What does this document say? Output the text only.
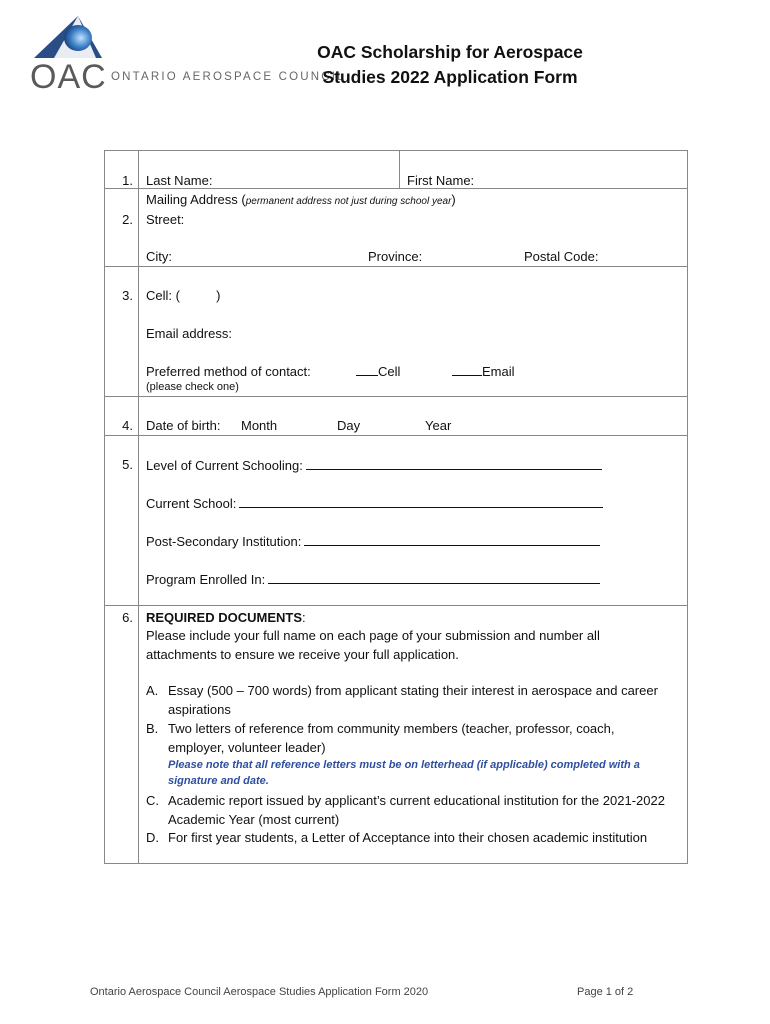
OAC ONTARIO AEROSPACE COUNCIL
OAC Scholarship for Aerospace
Studies 2022 Application Form
1. Last Name:	First Name:
Mailing Address (permanent address not just during school year)
2. Street:
City:	Province:	Postal Code:
3. Cell: (          )
Email address:
Preferred method of contact:	Cell	Email
(please check one)
4. Date of birth: Month	Day	Year
5. Level of Current Schooling:
Current School:
Post-Secondary Institution:
Program Enrolled In:
6. REQUIRED DOCUMENTS:
Please include your full name on each page of your submission and number all attachments to ensure we receive your full application.
A. Essay (500 – 700 words) from applicant stating their interest in aerospace and career aspirations
B. Two letters of reference from community members (teacher, professor, coach, employer, volunteer leader)
Please note that all reference letters must be on letterhead (if applicable) completed with a signature and date.
C. Academic report issued by applicant’s current educational institution for the 2021-2022 Academic Year (most current)
D. For first year students, a Letter of Acceptance into their chosen academic institution
Ontario Aerospace Council Aerospace Studies Application Form 2020	Page 1 of 2
